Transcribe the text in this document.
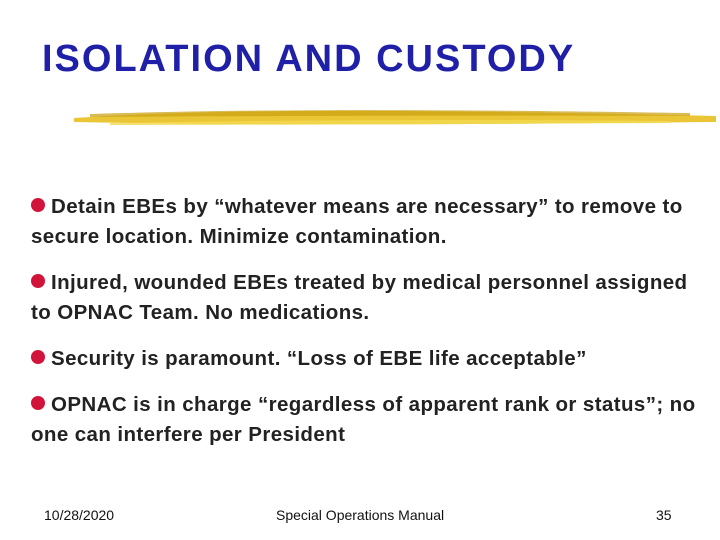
ISOLATION AND CUSTODY
Detain EBEs by “whatever means are necessary” to remove to secure location. Minimize contamination.
Injured, wounded EBEs treated by medical personnel assigned to OPNAC Team. No medications.
Security is paramount. “Loss of EBE life acceptable”
OPNAC is in charge “regardless of apparent rank or status”; no one can interfere per President
10/28/2020	Special Operations Manual	35
